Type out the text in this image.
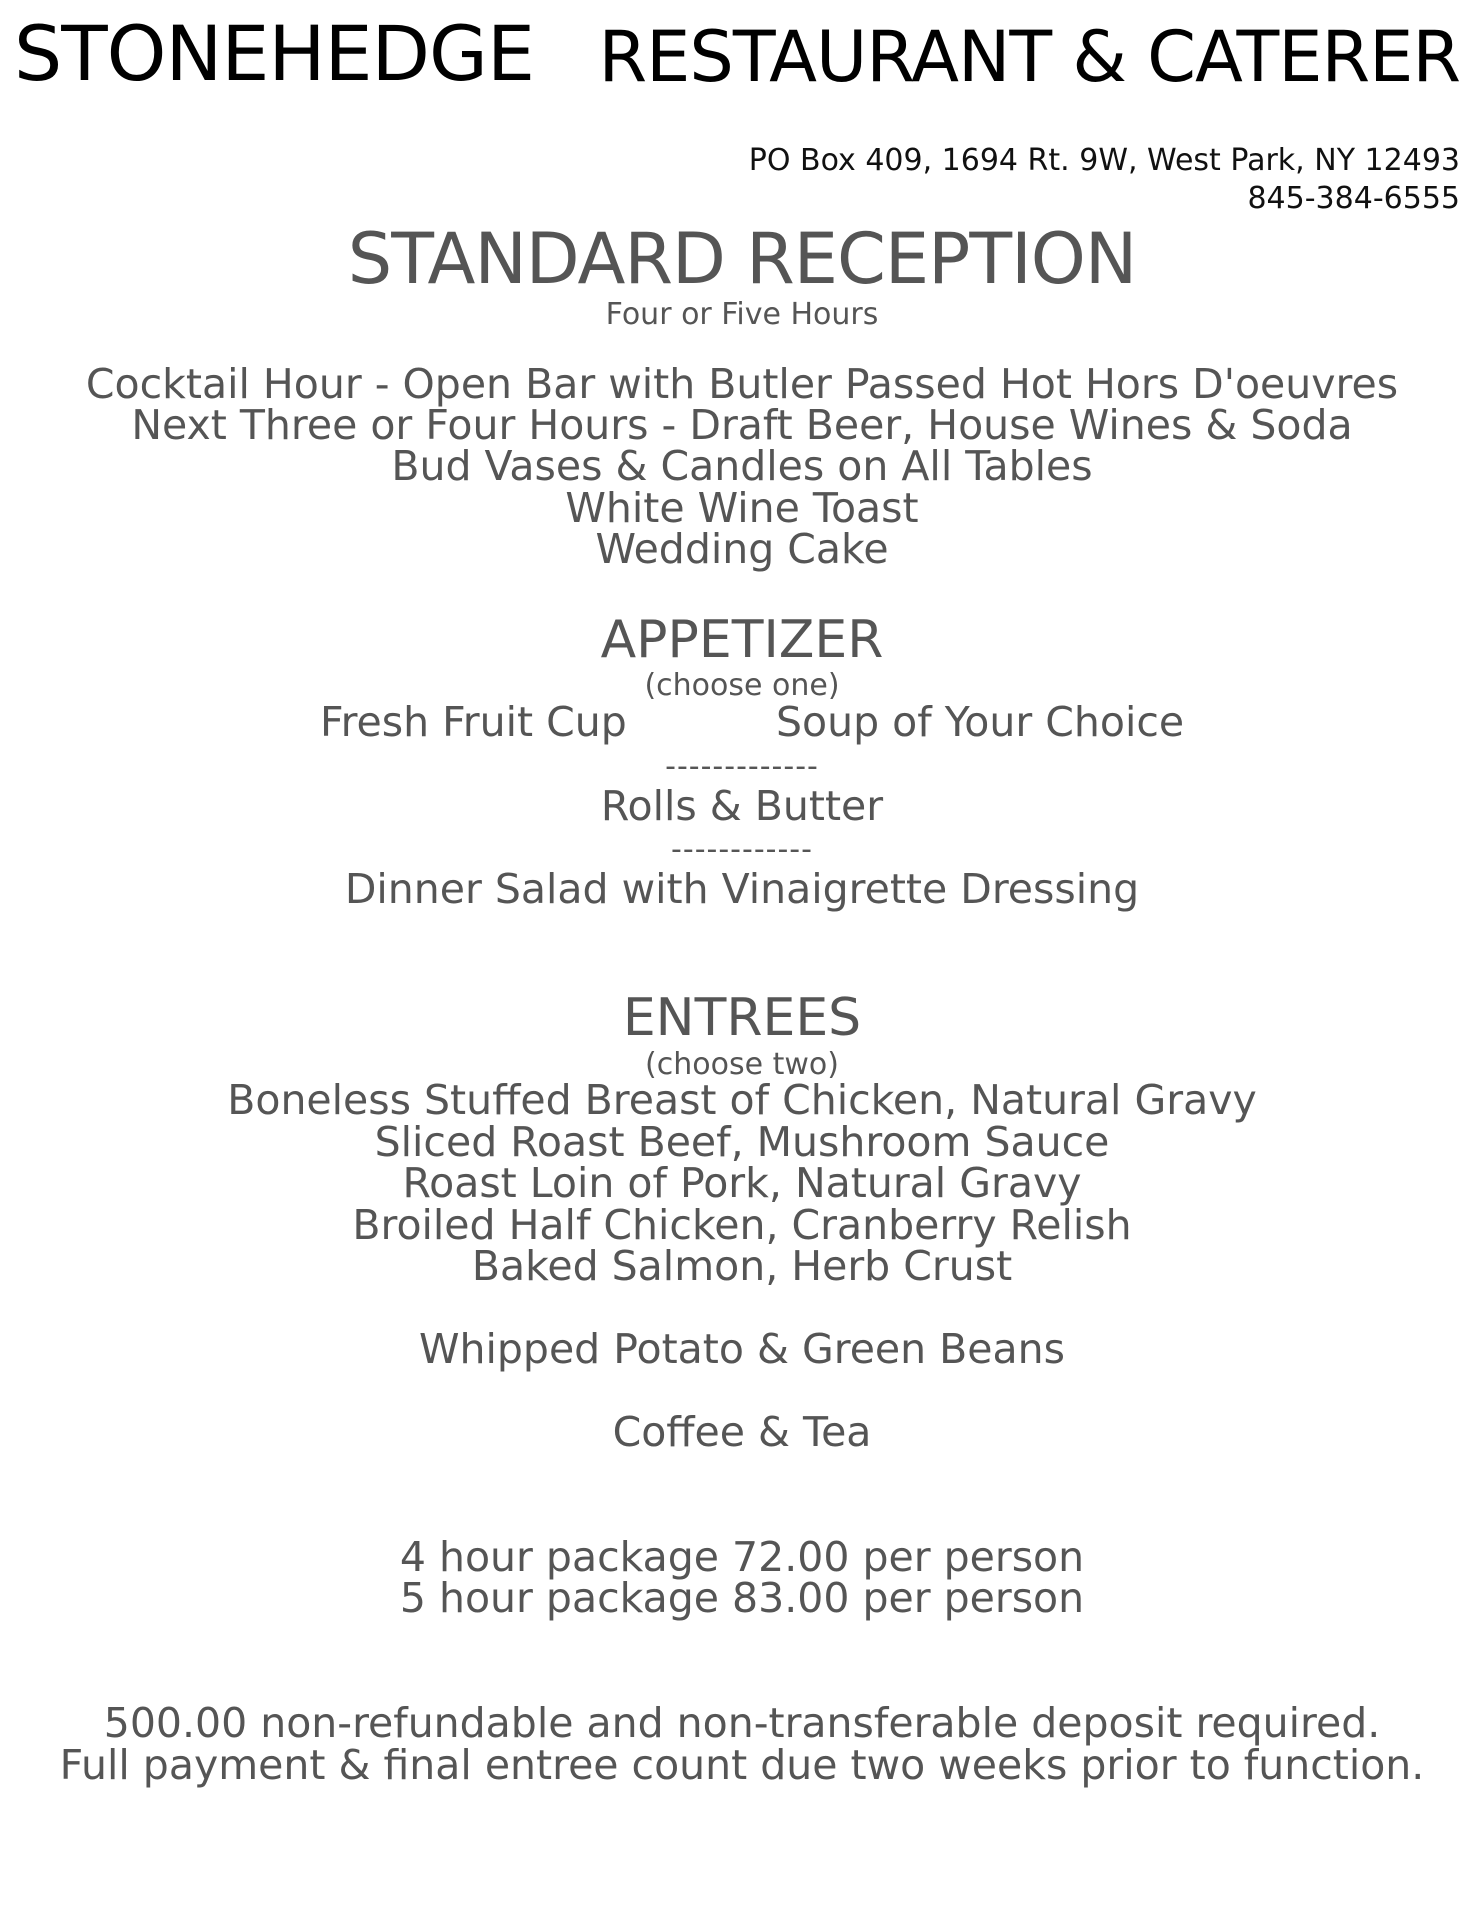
STONEHEDGE RESTAURANT & CATERER
PO Box 409, 1694 Rt. 9W, West Park, NY 12493
845-384-6555
STANDARD RECEPTION
Four or Five Hours
Cocktail Hour - Open Bar with Butler Passed Hot Hors D'oeuvres
Next Three or Four Hours - Draft Beer, House Wines & Soda
Bud Vases & Candles on All Tables
White Wine Toast
Wedding Cake
APPETIZER
(choose one)
Fresh Fruit Cup	Soup of Your Choice
-------------
Rolls & Butter
------------
Dinner Salad with Vinaigrette Dressing
ENTREES
(choose two)
Boneless Stuffed Breast of Chicken, Natural Gravy
Sliced Roast Beef, Mushroom Sauce
Roast Loin of Pork, Natural Gravy
Broiled Half Chicken, Cranberry Relish
Baked Salmon, Herb Crust
Whipped Potato & Green Beans
Coffee & Tea
4 hour package 72.00 per person
5 hour package 83.00 per person
500.00 non-refundable and non-transferable deposit required.
Full payment & final entree count due two weeks prior to function.
